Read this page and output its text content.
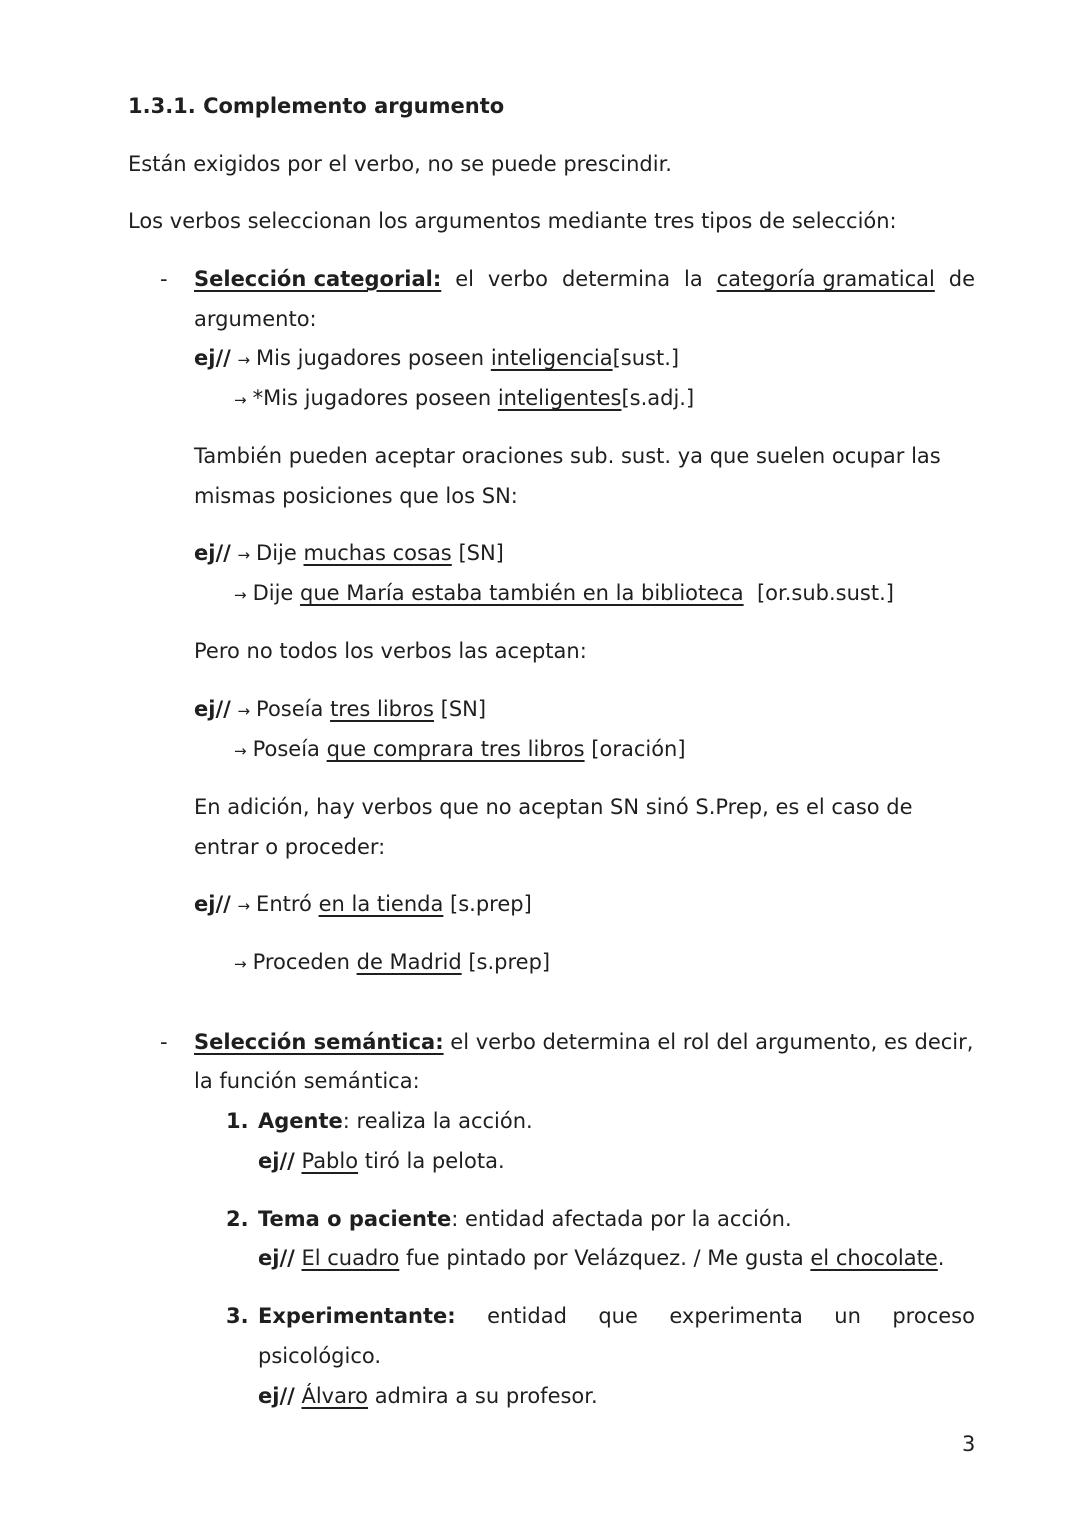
1.3.1. Complemento argumento
Están exigidos por el verbo, no se puede prescindir.
Los verbos seleccionan los argumentos mediante tres tipos de selección:
- Selección categorial: el verbo determina la categoría gramatical de
argumento:
ej// → Mis jugadores poseen inteligencia[sust.]
→ *Mis jugadores poseen inteligentes[s.adj.]
También pueden aceptar oraciones sub. sust. ya que suelen ocupar las
mismas posiciones que los SN:
ej// → Dije muchas cosas [SN]
→ Dije que María estaba también en la biblioteca [or.sub.sust.]
Pero no todos los verbos las aceptan:
ej// → Poseía tres libros [SN]
→ Poseía que comprara tres libros [oración]
En adición, hay verbos que no aceptan SN sinó S.Prep, es el caso de
entrar o proceder:
ej// → Entró en la tienda [s.prep]
→ Proceden de Madrid [s.prep]
- Selección semántica: el verbo determina el rol del argumento, es decir,
la función semántica:
1. Agente: realiza la acción.
ej// Pablo tiró la pelota.
2. Tema o paciente: entidad afectada por la acción.
ej// El cuadro fue pintado por Velázquez. / Me gusta el chocolate.
3. Experimentante: entidad que experimenta un proceso
psicológico.
ej// Álvaro admira a su profesor.
3
